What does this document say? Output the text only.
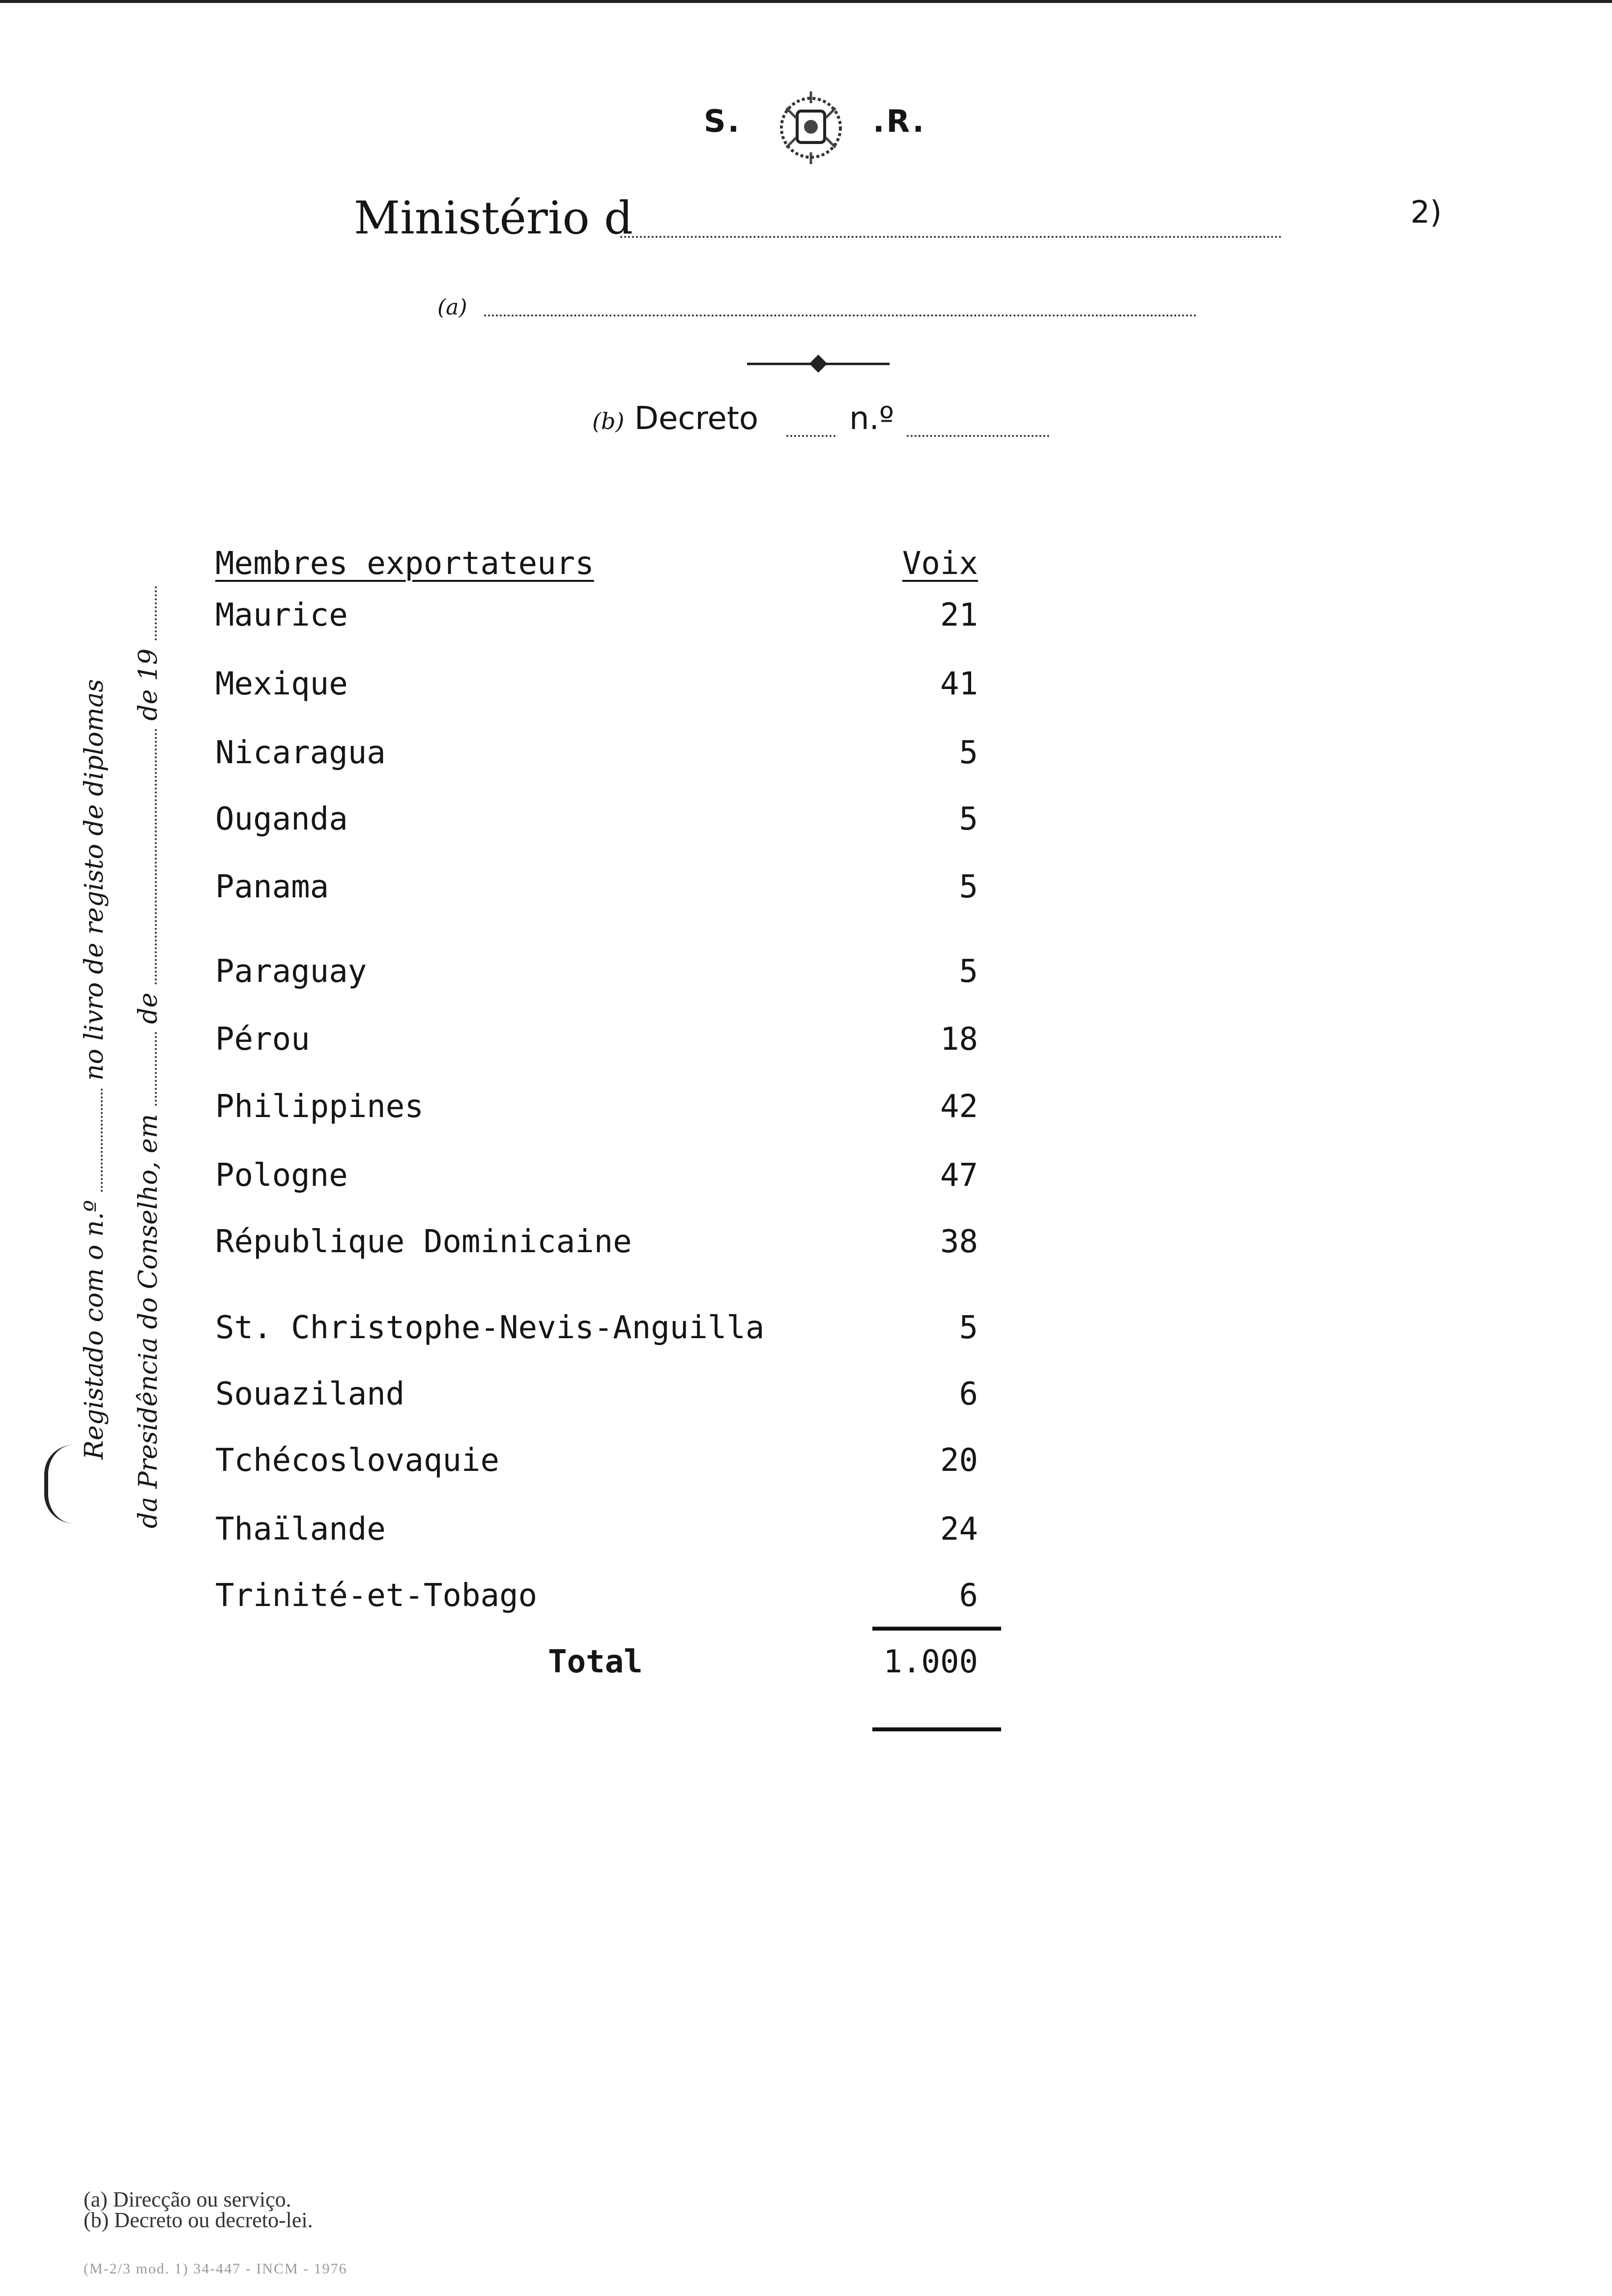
S.	.R.
Ministério d	2)
(a)
(b) Decreto	n.º
Membres exportateurs	Voix
Maurice	21
Mexique	41
Nicaragua	5
Ouganda	5
Panama	5
Paraguay	5
Pérou	18
Philippines	42
Pologne	47
République Dominicaine	38
St. Christophe-Nevis-Anguilla	5
Souaziland	6
Tchécoslovaquie	20
Thaïlande	24
Trinité-et-Tobago	6
Total	1.000
Registado com o n.º  no livro de registo de diplomas
da Presidência do Conselho, em  de  de 19
(a) Direcção ou serviço.
(b) Decreto ou decreto-lei.
(M-2/3 mod. 1) 34-447 - INCM - 1976
